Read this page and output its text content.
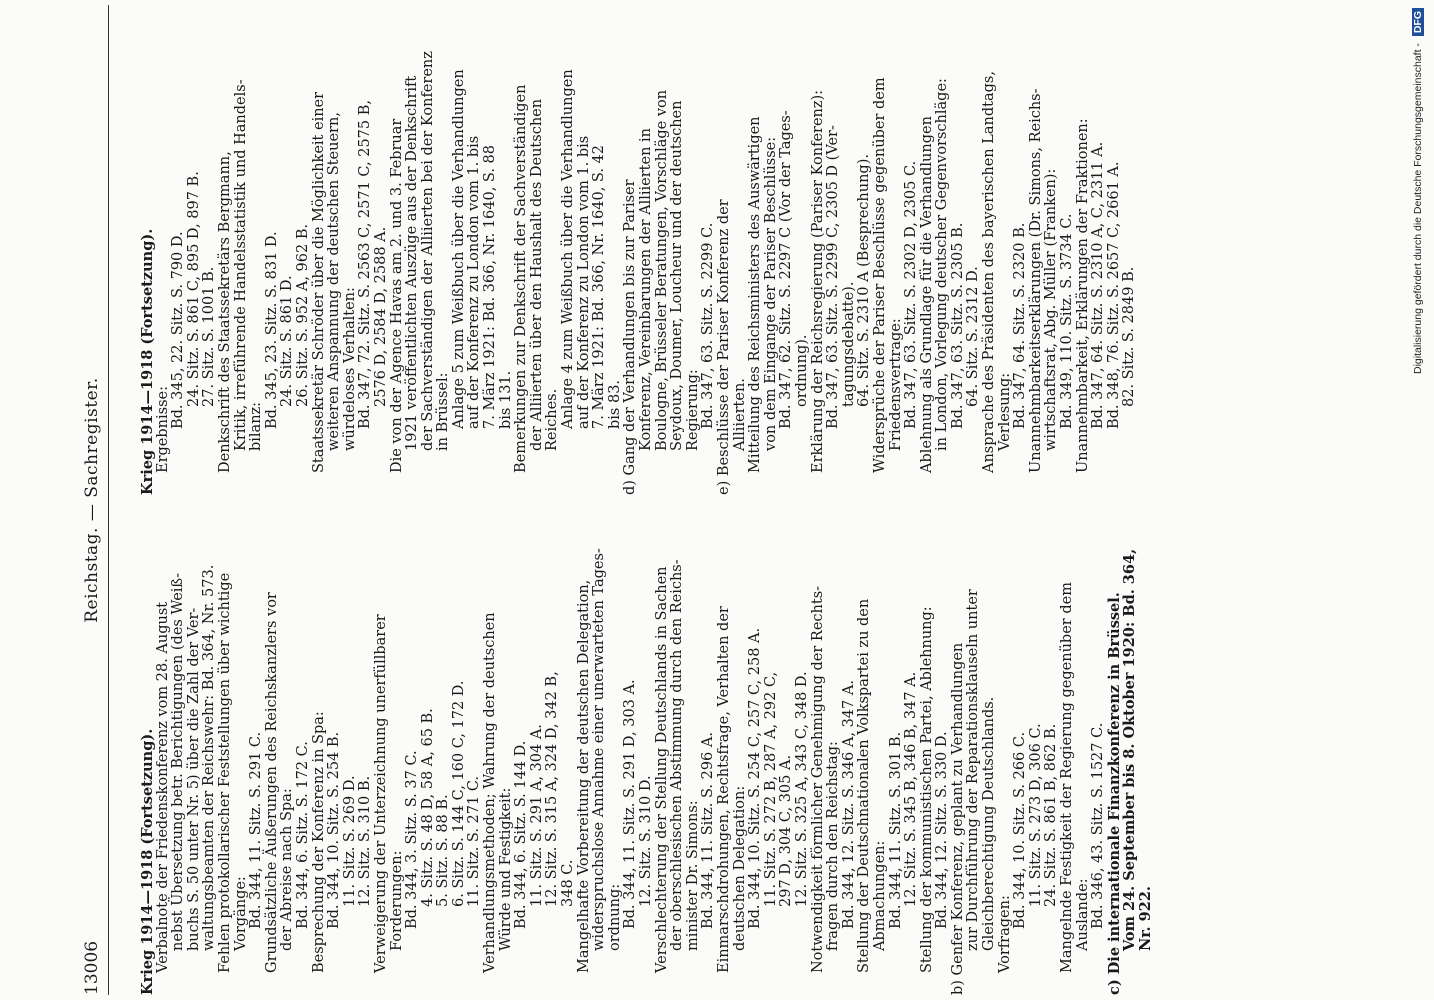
13006
Reichstag. — Sachregister.
Krieg 1914—1918 (Fortsetzung).
Verbalnote der Friedenskonferenz vom 28. August nebst Übersetzung betr. Berichtigungen (des Weiß- buchs S. 50 unter Nr. 5) über die Zahl der Ver- waltungsbeamten der Reichswehr: Bd. 364, Nr. 573. Fehlen protokollarischer Feststellungen über wichtige Vorgänge: Bd. 344, 11. Sitz. S. 291 C. Grundsätzliche Äußerungen des Reichskanzlers vor der Abreise nach Spa: Bd. 344, 6. Sitz. S. 172 C. Besprechung der Konferenz in Spa: Bd. 344, 10. Sitz. S. 254 B. 11. Sitz. S. 269 D. 12. Sitz. S. 310 B. Verweigerung der Unterzeichnung unerfüllbarer Forderungen: Bd. 344, 3. Sitz. S. 37 C. 4. Sitz. S. 48 D, 58 A, 65 B. 5. Sitz. S. 88 B. 6. Sitz. S. 144 C, 160 C, 172 D. 11. Sitz. S. 271 C. Verhandlungsmethoden; Wahrung der deutschen Würde und Festigkeit: Bd. 344, 6. Sitz. S. 144 D. 11. Sitz. S. 291 A, 304 A. 12. Sitz. S. 315 A, 324 D, 342 B, 348 C. Mangelhafte Vorbereitung der deutschen Delegation, widerspruchslose Annahme einer unerwarteten Tages- ordnung: Bd. 344, 11. Sitz. S. 291 D, 303 A. 12. Sitz. S. 310 D. Verschlechterung der Stellung Deutschlands in Sachen der oberschlesischen Abstimmung durch den Reichs- minister Dr. Simons: Bd. 344, 11. Sitz. S. 296 A. Einmarschdrohungen, Rechtsfrage, Verhalten der deutschen Delegation: Bd. 344, 10. Sitz. S. 254 C, 257 C, 258 A. 11. Sitz. S. 272 B, 287 A, 292 C, 297 D, 304 C, 305 A. 12. Sitz. S. 325 A, 343 C, 348 D. Notwendigkeit förmlicher Genehmigung der Rechts- fragen durch den Reichstag: Bd. 344, 12. Sitz. S. 346 A, 347 A. Stellung der Deutschnationalen Volkspartei zu den Abmachungen: Bd. 344, 11. Sitz. S. 301 B. 12. Sitz. S. 345 B, 346 B, 347 A. Stellung der kommunistischen Partei, Ablehnung: Bd. 344, 12. Sitz. S. 330 D. b) Genfer Konferenz, geplant zu Verhandlungen zur Durchführung der Reparationsklauseln unter Gleichberechtigung Deutschlands. Vorfragen:
Bd. 344, 10. Sitz. S. 266 C. 11. Sitz. S. 273 D, 306 C. 24. Sitz. S. 861 B, 862 B. Mangelnde Festigkeit der Regierung gegenüber dem Auslande: Bd. 346, 43. Sitz. S. 1527 C. c) Die internationale Finanzkonferenz in Brüssel.
Vom 24. September bis 8. Oktober 1920: Bd. 364,
Nr. 922.
Krieg 1914—1918 (Fortsetzung).
Ergebnisse:
Bd. 345, 22. Sitz. S. 790 D. 24. Sitz. S. 861 C, 895 D, 897 B. 27. Sitz. S. 1001 B. Denkschrift des Staatssekretärs Bergmann, Kritik, irreführende Handelsstatistik und Handels- bilanz: Bd. 345, 23. Sitz. S. 831 D. 24. Sitz. S. 861 D. 26. Sitz. S. 952 A, 962 B. Staatssekretär Schröder über die Möglichkeit einer weiteren Anspannung der deutschen Steuern, würdeloses Verhalten: Bd. 347, 72. Sitz. S. 2563 C, 2571 C, 2575 B, 2576 D, 2584 D, 2588 A. Die von der Agence Havas am 2. und 3. Februar 1921 veröffentlichten Auszüge aus der Denkschrift der Sachverständigen der Alliierten bei der Konferenz in Brüssel: Anlage 5 zum Weißbuch über die Verhandlungen auf der Konferenz zu London vom 1. bis 7. März 1921: Bd. 366, Nr. 1640, S. 88 bis 131. Bemerkungen zur Denkschrift der Sachverständigen der Alliierten über den Haushalt des Deutschen Reiches. Anlage 4 zum Weißbuch über die Verhandlungen auf der Konferenz zu London vom 1. bis 7. März 1921: Bd. 366, Nr. 1640, S. 42 bis 83. d) Gang der Verhandlungen bis zur Pariser Konferenz, Vereinbarungen der Alliierten in Boulogne, Brüsseler Beratungen, Vorschläge von Seydoux, Doumer, Loucheur und der deutschen Regierung: Bd. 347, 63. Sitz. S. 2299 C. e) Beschlüsse der Pariser Konferenz der Alliierten. Mitteilung des Reichsministers des Auswärtigen von dem Eingange der Pariser Beschlüsse: Bd. 347, 62. Sitz. S. 2297 C (Vor der Tages- ordnung). Erklärung der Reichsregierung (Pariser Konferenz): Bd. 347, 63. Sitz. S. 2299 C, 2305 D (Ver- tagungsdebatte). 64. Sitz. S. 2310 A (Besprechung). Widersprüche der Pariser Beschlüsse gegenüber dem Friedensvertrage: Bd. 347, 63. Sitz. S. 2302 D, 2305 C. Ablehnung als Grundlage für die Verhandlungen in London, Vorlegung deutscher Gegenvorschläge: Bd. 347, 63. Sitz. S. 2305 B. 64. Sitz. S. 2312 D. Ansprache des Präsidenten des bayerischen Landtags, Verlesung: Bd. 347, 64. Sitz. S. 2320 B. Unannehmbarkeitserklärungen (Dr. Simons, Reichs- wirtschaftsrat, Abg. Müller (Franken): Bd. 349, 110. Sitz. S. 3734 C. Unannehmbarkeit, Erklärungen der Fraktionen: Bd. 347, 64. Sitz. S. 2310 A, C, 2311 A. Bd. 348, 76. Sitz. S. 2657 C, 2661 A. 82. Sitz. S. 2849 B.	Digitalisierung gefördert durch die Deutsche Forschungsgemeinschaft - DFG
